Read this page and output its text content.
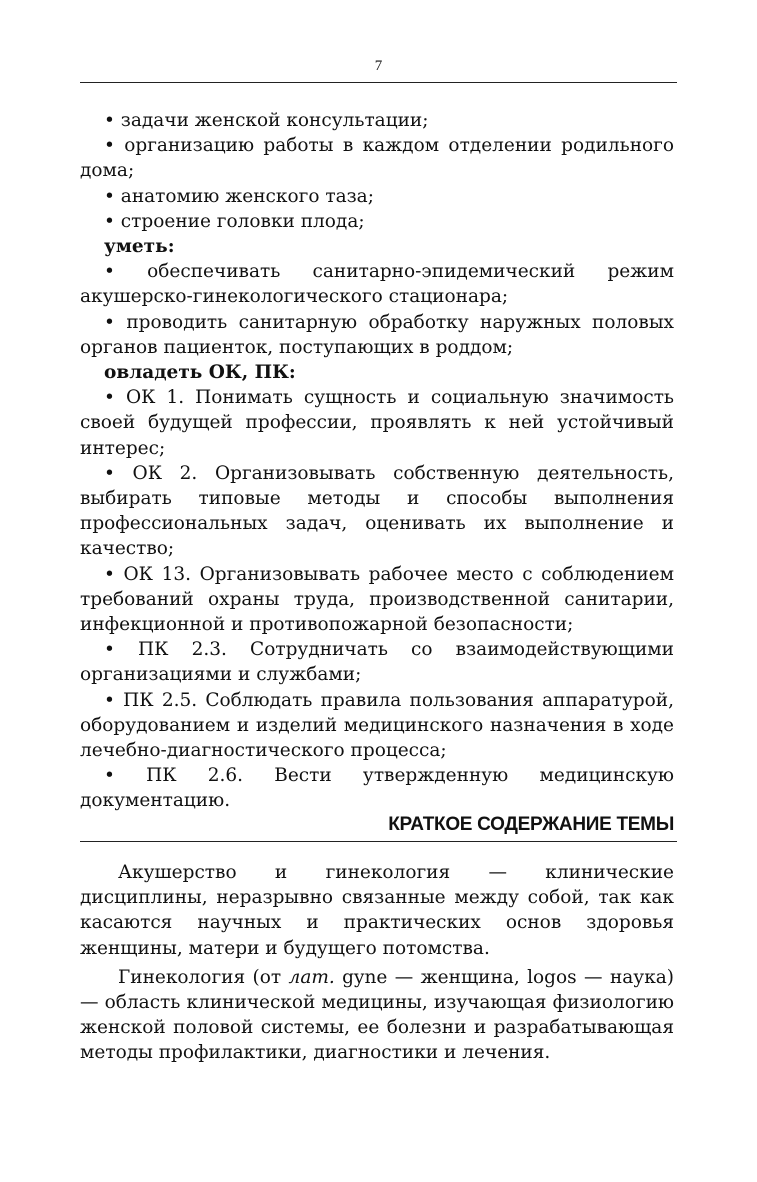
7

• задачи женской консультации;

• организацию работы в каждом отделении родильного дома;

• анатомию женского таза;

• строение головки плода;

уметь:

• обеспечивать санитарно-эпидемический режим акушерско-гинекологического стационара;

• проводить санитарную обработку наружных половых органов пациенток, поступающих в роддом;

овладеть ОК, ПК:

• ОК 1. Понимать сущность и социальную значимость своей будущей профессии, проявлять к ней устойчивый интерес;

• ОК 2. Организовывать собственную деятельность, выбирать типовые методы и способы выполнения профессиональных задач, оценивать их выполнение и качество;

• ОК 13. Организовывать рабочее место с соблюдением требований охраны труда, производственной санитарии, инфекционной и противопожарной безопасности;

• ПК 2.3. Сотрудничать со взаимодействующими организациями и службами;

• ПК 2.5. Соблюдать правила пользования аппаратурой, оборудованием и изделий медицинского назначения в ходе лечебно-диагностического процесса;

• ПК 2.6. Вести утвержденную медицинскую документацию.

КРАТКОЕ СОДЕРЖАНИЕ ТЕМЫ

Акушерство и гинекология — клинические дисциплины, неразрывно связанные между собой, так как касаются научных и практических основ здоровья женщины, матери и будущего потомства.

Гинекология (от лат. gyne — женщина, logos — наука) — область клинической медицины, изучающая физиологию женской половой системы, ее болезни и разрабатывающая методы профилактики, диагностики и лечения.
